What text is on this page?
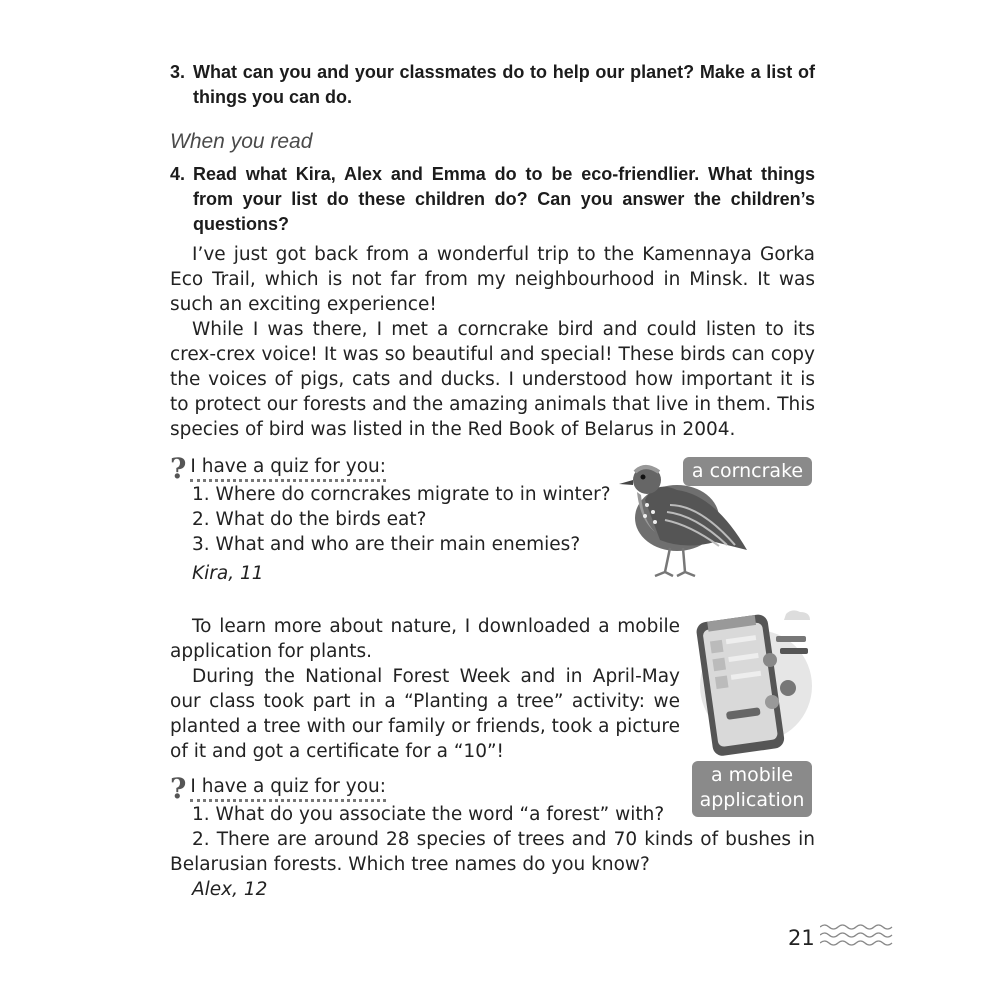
3. What can you and your classmates do to help our planet? Make a list of things you can do.
When you read
4. Read what Kira, Alex and Emma do to be eco-friendlier. What things from your list do these children do? Can you answer the children’s questions?

I’ve just got back from a wonderful trip to the Kamennaya Gorka Eco Trail, which is not far from my neighbourhood in Minsk. It was such an exciting experience!

While I was there, I met a corncrake bird and could listen to its crex-crex voice! It was so beautiful and special! These birds can copy the voices of pigs, cats and ducks. I understood how important it is to protect our forests and the amazing animals that live in them. This species of bird was listed in the Red Book of Belarus in 2004.

? I have a quiz for you:
1. Where do corncrakes migrate to in winter?
2. What do the birds eat?
3. What and who are their main enemies?
Kira, 11
a corncrake

To learn more about nature, I downloaded a mobile application for plants.

During the National Forest Week and in April-May our class took part in a “Planting a tree” activity: we planted a tree with our family or friends, took a picture of it and got a certificate for a “10”!

a mobile
application
? I have a quiz for you:
1. What do you associate the word “a forest” with?
2. There are around 28 species of trees and 70 kinds of bushes in Belarusian forests. Which tree names do you know?
Alex, 12
21
